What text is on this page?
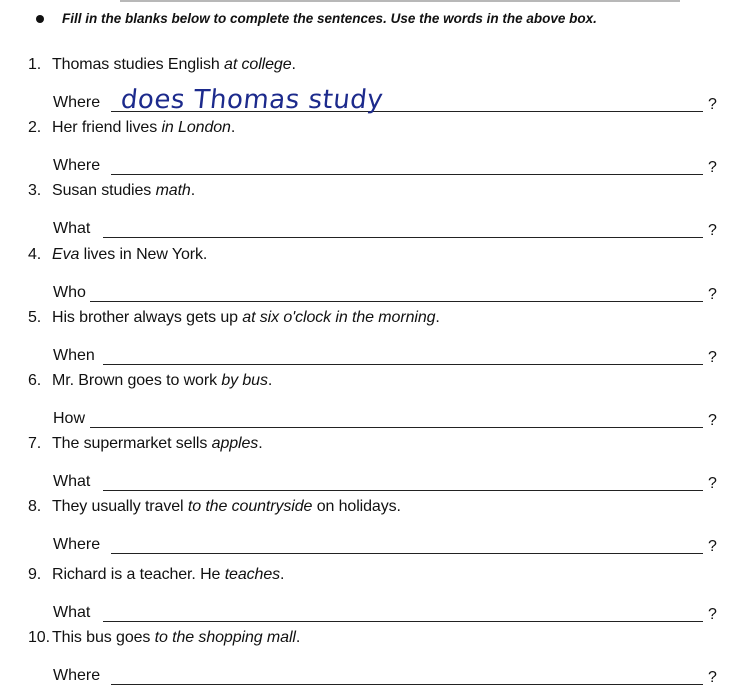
Fill in the blanks below to complete the sentences. Use the words in the above box.
1. Thomas studies English at college.
Where does Thomas study	?
2. Her friend lives in London.
Where	?
3. Susan studies math.
What	?
4. Eva lives in New York.
Who	?
5. His brother always gets up at six o'clock in the morning.
When	?
6. Mr. Brown goes to work by bus.
How	?
7. The supermarket sells apples.
What	?
8. They usually travel to the countryside on holidays.
Where	?
9. Richard is a teacher. He teaches.
What	?
10. This bus goes to the shopping mall.
Where	?
